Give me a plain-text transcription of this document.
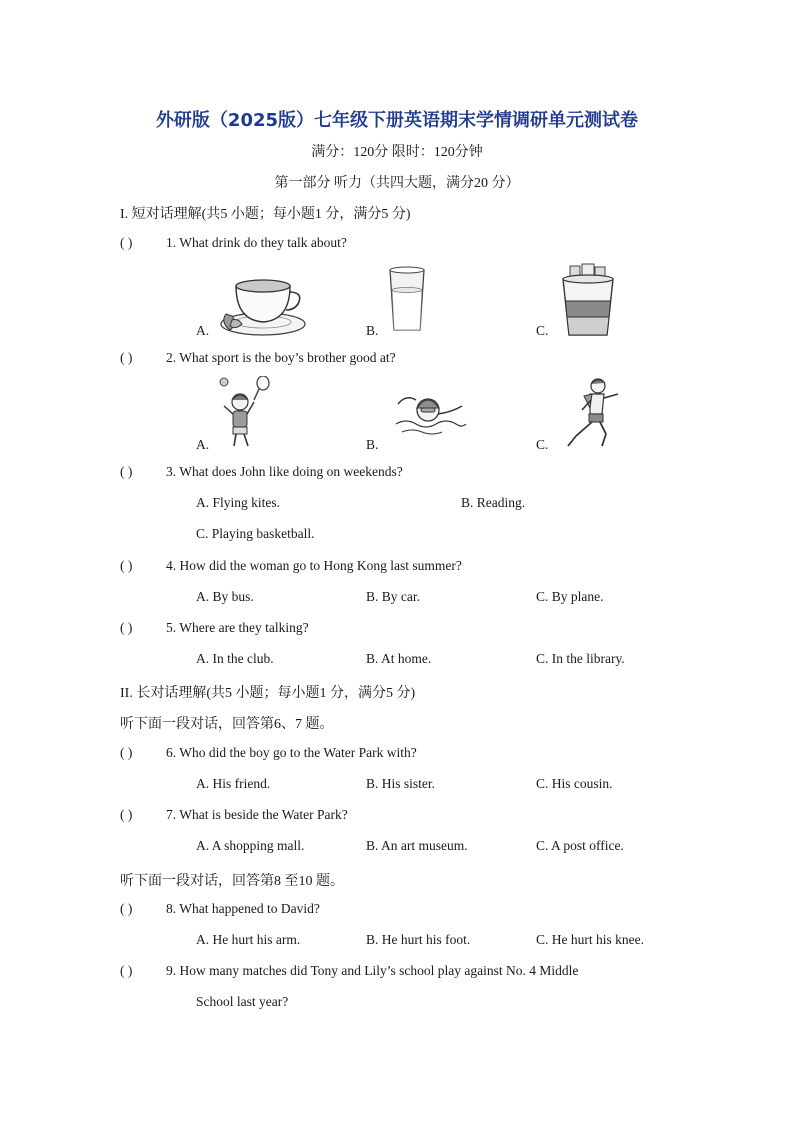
外研版（2025版）七年级下册英语期末学情调研单元测试卷
满分：120分 限时：120分钟
第一部分 听力（共四大题，满分20 分）
I. 短对话理解(共5 小题；每小题1 分，满分5 分)
( ) 1. What drink do they talk about?
A.	B.	C.
( ) 2. What sport is the boy’s brother good at?
A.	B.	C.
( ) 3. What does John like doing on weekends?
A. Flying kites.	B. Reading.
C. Playing basketball.
( ) 4. How did the woman go to Hong Kong last summer?
A. By bus.	B. By car.	C. By plane.
( ) 5. Where are they talking?
A. In the club.	B. At home.	C. In the library.
II. 长对话理解(共5 小题；每小题1 分，满分5 分)
听下面一段对话，回答第6、7 题。
( ) 6. Who did the boy go to the Water Park with?
A. His friend.	B. His sister.	C. His cousin.
( ) 7. What is beside the Water Park?
A. A shopping mall.	B. An art museum.	C. A post office.
听下面一段对话，回答第8 至10 题。
( ) 8. What happened to David?
A. He hurt his arm.	B. He hurt his foot.	C. He hurt his knee.
( ) 9. How many matches did Tony and Lily’s school play against No. 4 Middle
School last year?
